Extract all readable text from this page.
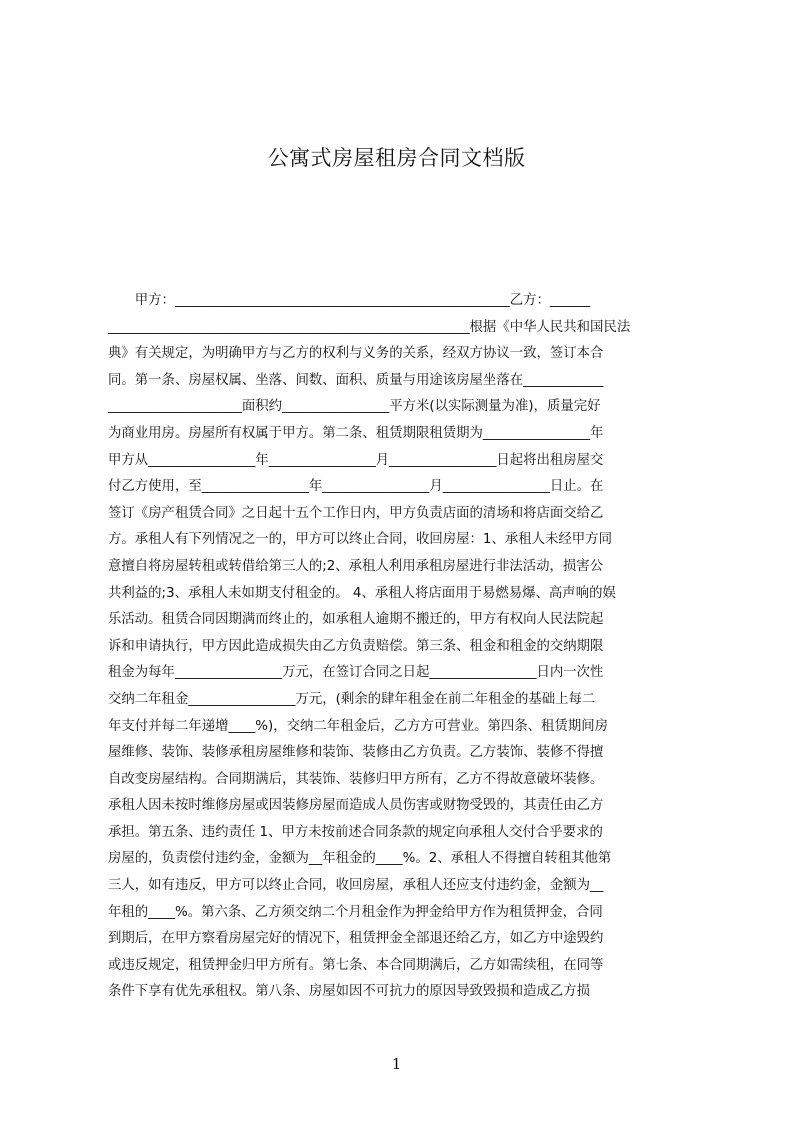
公寓式房屋租房合同文档版
　　甲方：__________________________________________________乙方：______
______________________________________________________根据《中华人民共和国民法
典》有关规定，为明确甲方与乙方的权利与义务的关系，经双方协议一致，签订本合
同。第一条、房屋权属、坐落、间数、面积、质量与用途该房屋坐落在____________
____________________面积约________________平方米(以实际测量为准)，质量完好
为商业用房。房屋所有权属于甲方。第二条、租赁期限租赁期为________________年
甲方从________________年________________月________________日起将出租房屋交
付乙方使用，至________________年________________月________________日止。在
签订《房产租赁合同》之日起十五个工作日内，甲方负责店面的清场和将店面交给乙
方。承租人有下列情况之一的，甲方可以终止合同，收回房屋：1、承租人未经甲方同
意擅自将房屋转租或转借给第三人的;2、承租人利用承租房屋进行非法活动，损害公
共利益的;3、承租人未如期支付租金的。 4、承租人将店面用于易燃易爆、高声响的娱
乐活动。租赁合同因期满而终止的，如承租人逾期不搬迁的，甲方有权向人民法院起
诉和申请执行，甲方因此造成损失由乙方负责赔偿。第三条、租金和租金的交纳期限
租金为每年________________万元，在签订合同之日起________________日内一次性
交纳二年租金________________万元，(剩余的肆年租金在前二年租金的基础上每二
年支付并每二年递增____%)，交纳二年租金后，乙方方可营业。第四条、租赁期间房
屋维修、装饰、装修承租房屋维修和装饰、装修由乙方负责。乙方装饰、装修不得擅
自改变房屋结构。合同期满后，其装饰、装修归甲方所有，乙方不得故意破坏装修。
承租人因未按时维修房屋或因装修房屋而造成人员伤害或财物受毁的，其责任由乙方
承担。第五条、违约责任 1、甲方未按前述合同条款的规定向承租人交付合乎要求的
房屋的，负责偿付违约金，金额为__年租金的____%。2、承租人不得擅自转租其他第
三人，如有违反，甲方可以终止合同，收回房屋，承租人还应支付违约金，金额为__
年租的____%。第六条、乙方须交纳二个月租金作为押金给甲方作为租赁押金，合同
到期后，在甲方察看房屋完好的情况下，租赁押金全部退还给乙方，如乙方中途毁约
或违反规定，租赁押金归甲方所有。第七条、本合同期满后，乙方如需续租，在同等
条件下享有优先承租权。第八条、房屋如因不可抗力的原因导致毁损和造成乙方损
1
